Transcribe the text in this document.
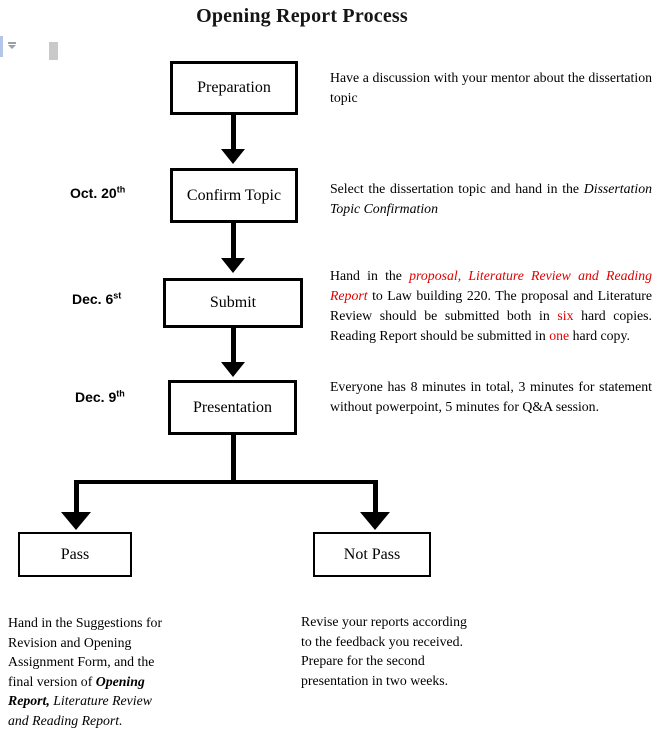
Opening Report Process
Preparation
Confirm Topic
Submit
Presentation
Pass	Not Pass
Oct. 20th
Dec. 6st
Dec. 9th
Have a discussion with your mentor about the dissertation topic
Select the dissertation topic and hand in the Dissertation Topic Confirmation
Hand in the proposal, Literature Review and Reading Report to Law building 220. The proposal and Literature Review should be submitted both in six hard copies. Reading Report should be submitted in one hard copy.
Everyone has 8 minutes in total, 3 minutes for statement without powerpoint, 5 minutes for Q&A session.
Hand in the Suggestions for Revision and Opening Assignment Form, and the final version of Opening Report, Literature Review and Reading Report.
Revise your reports according to the feedback you received. Prepare for the second presentation in two weeks.
